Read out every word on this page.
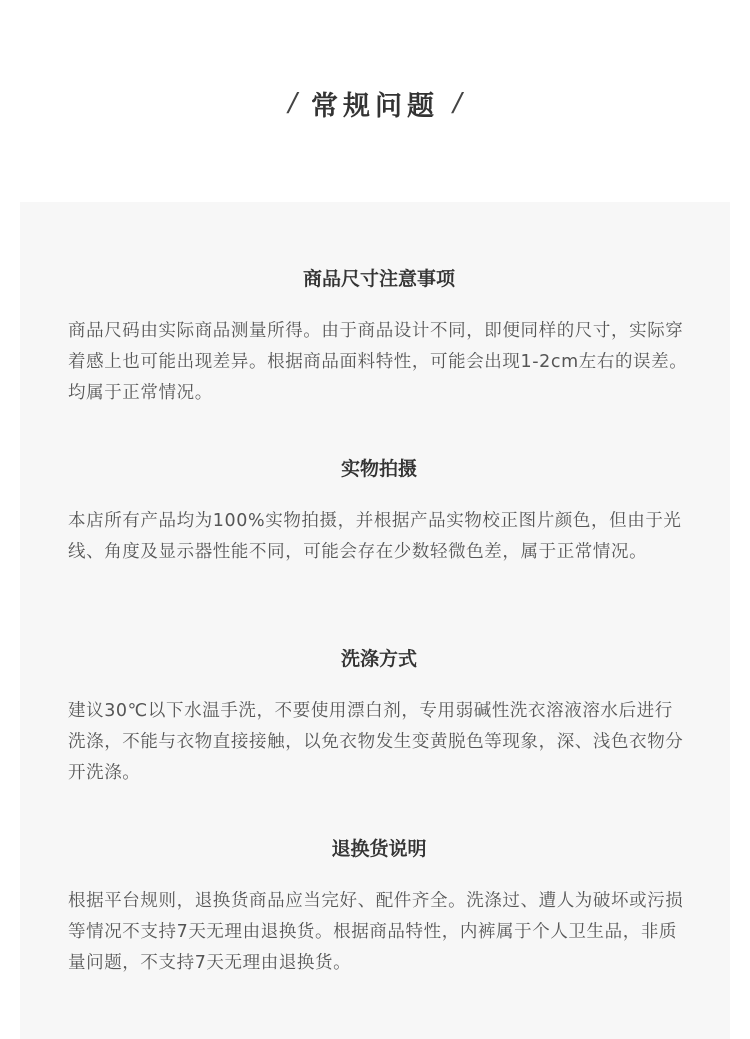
/ 常规问题 /
商品尺寸注意事项

商品尺码由实际商品测量所得。由于商品设计不同，即便同样的尺寸，实际穿着感上也可能出现差异。根据商品面料特性，可能会出现1-2cm左右的误差。均属于正常情况。

实物拍摄

本店所有产品均为100%实物拍摄，并根据产品实物校正图片颜色，但由于光线、角度及显示器性能不同，可能会存在少数轻微色差，属于正常情况。

洗涤方式

建议30℃以下水温手洗，不要使用漂白剂，专用弱碱性洗衣溶液溶水后进行洗涤，不能与衣物直接接触，以免衣物发生变黄脱色等现象，深、浅色衣物分开洗涤。

退换货说明

根据平台规则，退换货商品应当完好、配件齐全。洗涤过、遭人为破坏或污损等情况不支持7天无理由退换货。根据商品特性，内裤属于个人卫生品，非质量问题，不支持7天无理由退换货。
